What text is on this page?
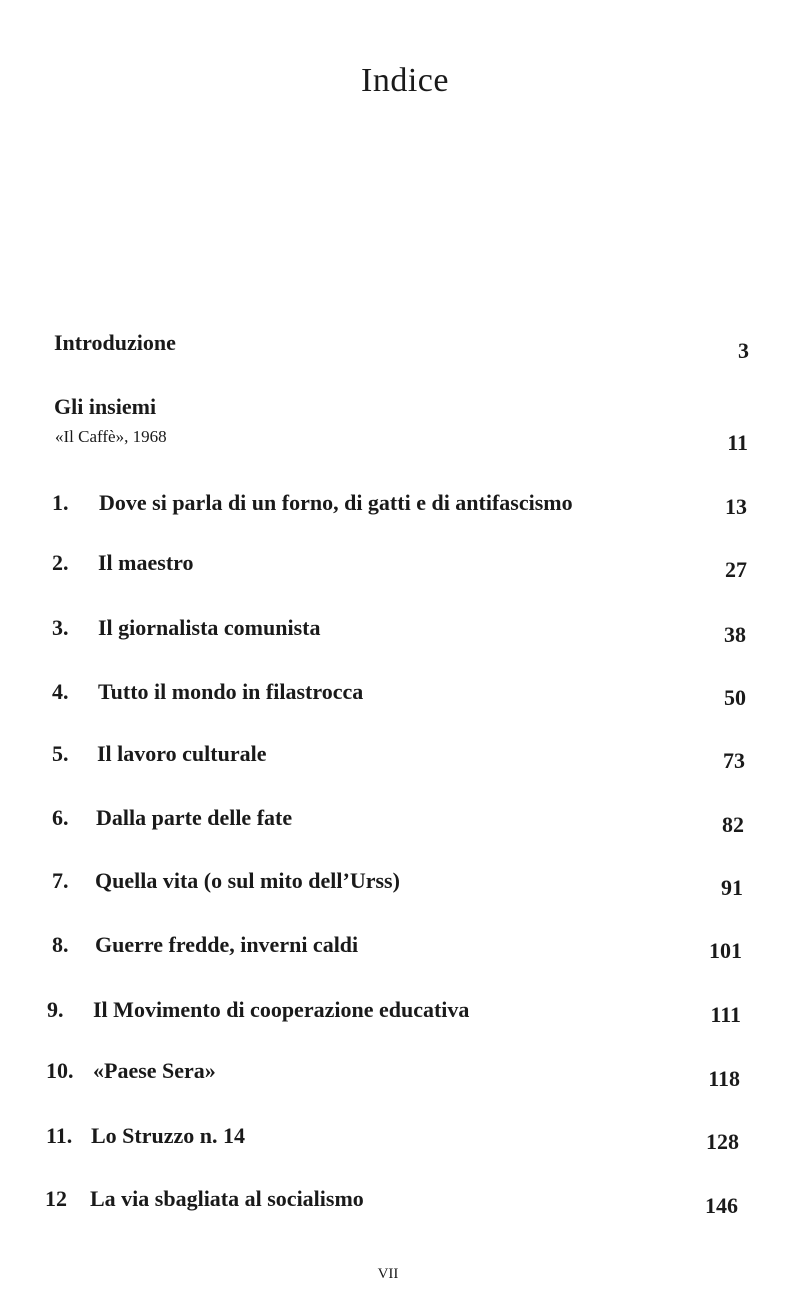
Indice
Introduzione	3
Gli insiemi
«Il Caffè», 1968	11
1. Dove si parla di un forno, di gatti e di antifascismo	13
2. Il maestro	27
3. Il giornalista comunista	38
4. Tutto il mondo in filastrocca	50
5. Il lavoro culturale	73
6. Dalla parte delle fate	82
7. Quella vita (o sul mito dell’Urss)	91
8. Guerre fredde, inverni caldi	101
9. Il Movimento di cooperazione educativa	111
10. «Paese Sera»	118
11. Lo Struzzo n. 14	128
12 La via sbagliata al socialismo	146
VII
